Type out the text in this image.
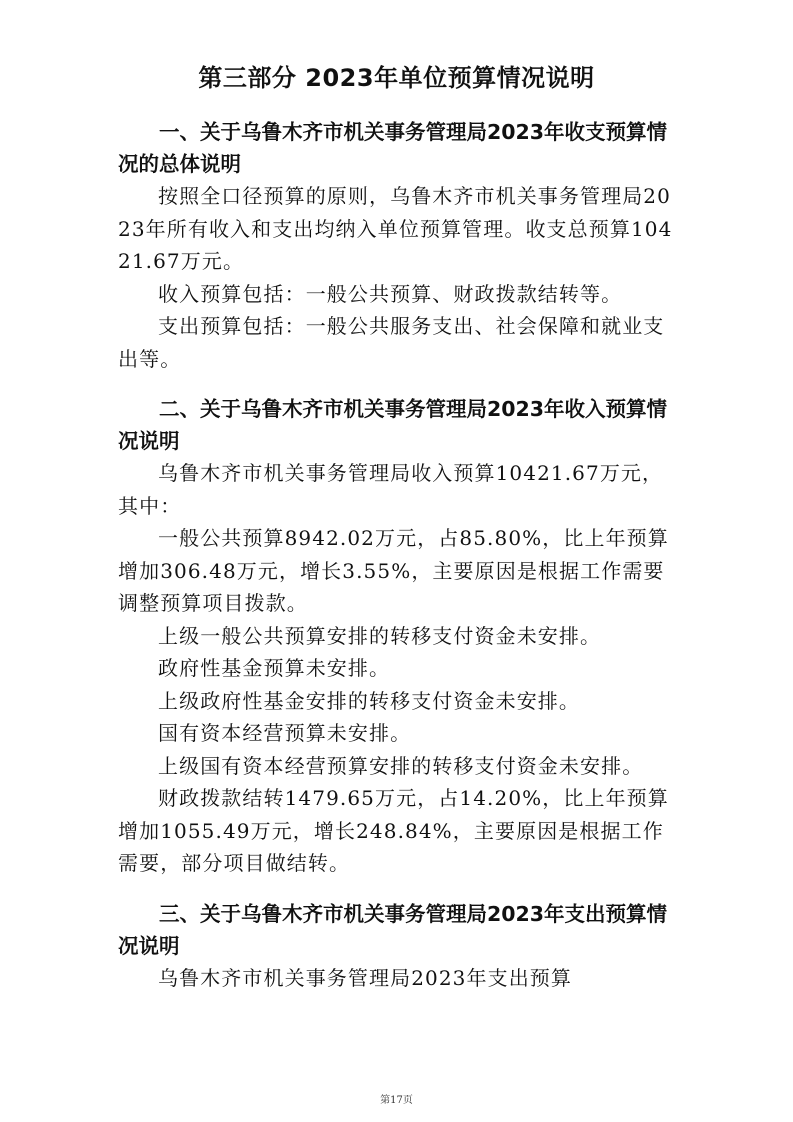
第三部分 2023年单位预算情况说明

一、关于乌鲁木齐市机关事务管理局2023年收支预算情况的总体说明

按照全口径预算的原则，乌鲁木齐市机关事务管理局2023年所有收入和支出均纳入单位预算管理。收支总预算10421.67万元。

收入预算包括：一般公共预算、财政拨款结转等。

支出预算包括：一般公共服务支出、社会保障和就业支出等。

二、关于乌鲁木齐市机关事务管理局2023年收入预算情况说明

乌鲁木齐市机关事务管理局收入预算10421.67万元，其中：

一般公共预算8942.02万元，占85.80%，比上年预算增加306.48万元，增长3.55%，主要原因是根据工作需要调整预算项目拨款。

上级一般公共预算安排的转移支付资金未安排。

政府性基金预算未安排。

上级政府性基金安排的转移支付资金未安排。

国有资本经营预算未安排。

上级国有资本经营预算安排的转移支付资金未安排。

财政拨款结转1479.65万元，占14.20%，比上年预算增加1055.49万元，增长248.84%，主要原因是根据工作需要，部分项目做结转。

三、关于乌鲁木齐市机关事务管理局2023年支出预算情况说明

乌鲁木齐市机关事务管理局2023年支出预算

第17页
